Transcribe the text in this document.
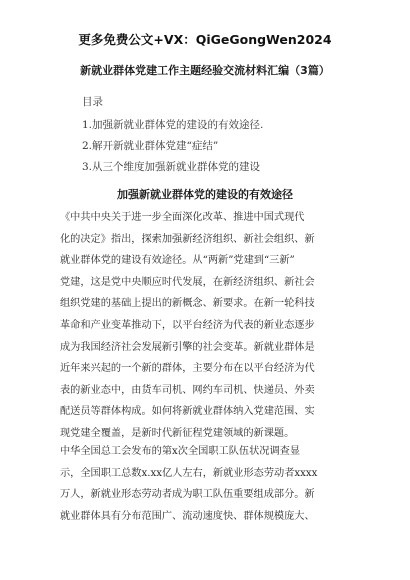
更多免费公文+VX：QiGeGongWen2024
新就业群体党建工作主题经验交流材料汇编（3篇）
目录
1.加强新就业群体党的建设的有效途径.
2.解开新就业群体党建“症结”
3.从三个维度加强新就业群体党的建设
加强新就业群体党的建设的有效途径
《中共中央关于进一步全面深化改革、推进中国式现代
化的决定》指出，探索加强新经济组织、新社会组织、新
就业群体党的建设有效途径。从“两新”党建到“三新”
党建，这是党中央顺应时代发展，在新经济组织、新社会
组织党建的基础上提出的新概念、新要求。在新一轮科技
革命和产业变革推动下，以平台经济为代表的新业态逐步
成为我国经济社会发展新引擎的社会变革。新就业群体是
近年来兴起的一个新的群体，主要分布在以平台经济为代
表的新业态中，由货车司机、网约车司机、快递员、外卖
配送员等群体构成。如何将新就业群体纳入党建范围、实
现党建全覆盖，是新时代新征程党建领域的新课题。
中华全国总工会发布的第x次全国职工队伍状况调查显
示，全国职工总数x.xx亿人左右，新就业形态劳动者xxxx
万人，新就业形态劳动者成为职工队伍重要组成部分。新
就业群体具有分布范围广、流动速度快、群体规模庞大、
